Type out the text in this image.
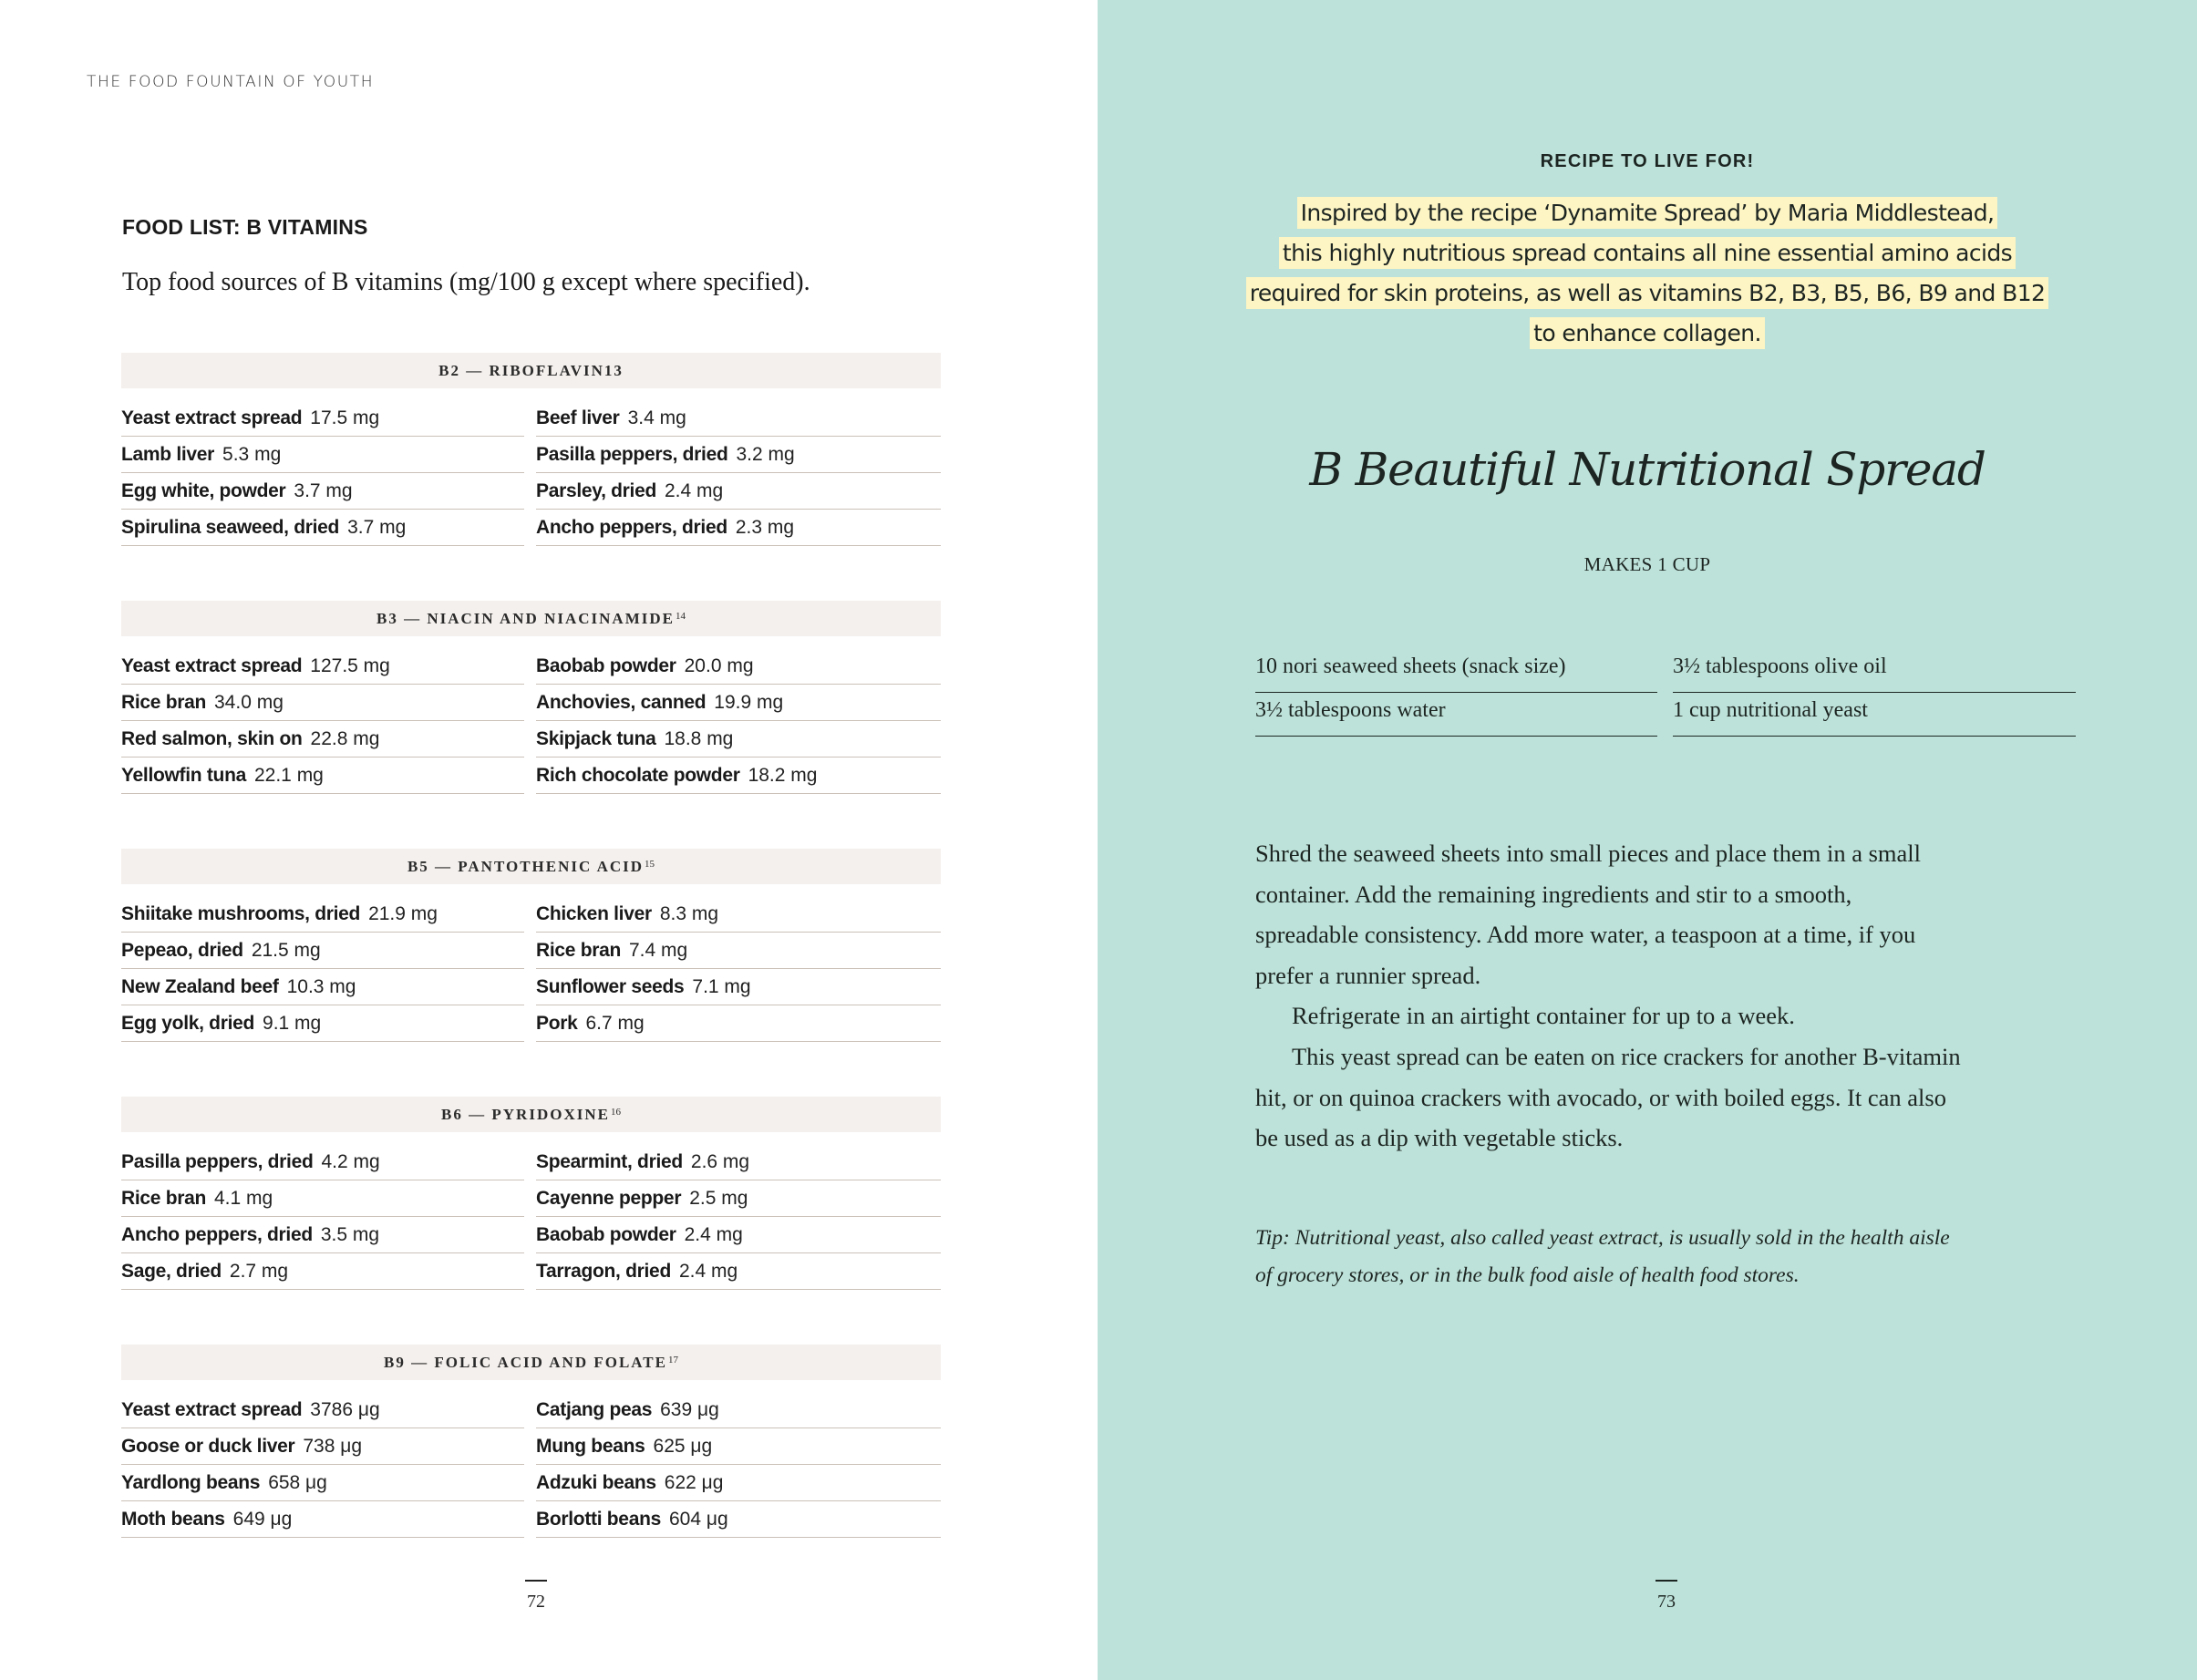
THE FOOD FOUNTAIN OF YOUTH
FOOD LIST: B VITAMINS
Top food sources of B vitamins (mg/100 g except where specified).
B2 — RIBOFLAVIN13
Yeast extract spread 17.5 mg	Beef liver 3.4 mg
Lamb liver 5.3 mg	Pasilla peppers, dried 3.2 mg
Egg white, powder 3.7 mg	Parsley, dried 2.4 mg
Spirulina seaweed, dried 3.7 mg	Ancho peppers, dried 2.3 mg
B3 — NIACIN AND NIACINAMIDE$^{14}$
Yeast extract spread 127.5 mg	Baobab powder 20.0 mg
Rice bran 34.0 mg	Anchovies, canned 19.9 mg
Red salmon, skin on 22.8 mg	Skipjack tuna 18.8 mg
Yellowfin tuna 22.1 mg	Rich chocolate powder 18.2 mg
B5 — PANTOTHENIC ACID$^{15}$
Shiitake mushrooms, dried 21.9 mg	Chicken liver 8.3 mg
Pepeao, dried 21.5 mg	Rice bran 7.4 mg
New Zealand beef 10.3 mg	Sunflower seeds 7.1 mg
Egg yolk, dried 9.1 mg	Pork 6.7 mg
B6 — PYRIDOXINE$^{16}$
Pasilla peppers, dried 4.2 mg	Spearmint, dried 2.6 mg
Rice bran 4.1 mg	Cayenne pepper 2.5 mg
Ancho peppers, dried 3.5 mg	Baobab powder 2.4 mg
Sage, dried 2.7 mg	Tarragon, dried 2.4 mg
B9 — FOLIC ACID AND FOLATE$^{17}$
Yeast extract spread 3786 μg	Catjang peas 639 μg
Goose or duck liver 738 μg	Mung beans 625 μg
Yardlong beans 658 μg	Adzuki beans 622 μg
Moth beans 649 μg	Borlotti beans 604 μg
72
RECIPE TO LIVE FOR!
Inspired by the recipe ‘Dynamite Spread’ by Maria Middlestead,
this highly nutritious spread contains all nine essential amino acids
required for skin proteins, as well as vitamins B2, B3, B5, B6, B9 and B12
to enhance collagen.
B Beautiful Nutritional Spread
MAKES 1 CUP
10 nori seaweed sheets (snack size)	3½ tablespoons olive oil
3½ tablespoons water	1 cup nutritional yeast

Shred the seaweed sheets into small pieces and place them in a small
container. Add the remaining ingredients and stir to a smooth,
spreadable consistency. Add more water, a teaspoon at a time, if you
prefer a runnier spread.

Refrigerate in an airtight container for up to a week.

This yeast spread can be eaten on rice crackers for another B-vitamin
hit, or on quinoa crackers with avocado, or with boiled eggs. It can also
be used as a dip with vegetable sticks.

Tip: Nutritional yeast, also called yeast extract, is usually sold in the health aisle
of grocery stores, or in the bulk food aisle of health food stores.
73
